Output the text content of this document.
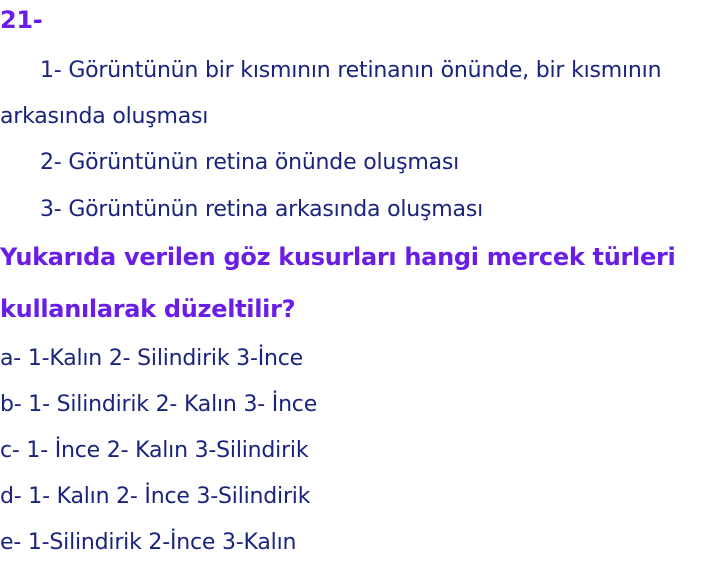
21-
1- Görüntünün bir kısmının retinanın önünde, bir kısmının
arkasında oluşması
2- Görüntünün retina önünde oluşması
3- Görüntünün retina arkasında oluşması
Yukarıda verilen göz kusurları hangi mercek türleri
kullanılarak düzeltilir?
a- 1-Kalın 2- Silindirik 3-İnce
b- 1- Silindirik 2- Kalın 3- İnce
c- 1- İnce 2- Kalın 3-Silindirik
d- 1- Kalın 2- İnce 3-Silindirik
e- 1-Silindirik 2-İnce 3-Kalın
